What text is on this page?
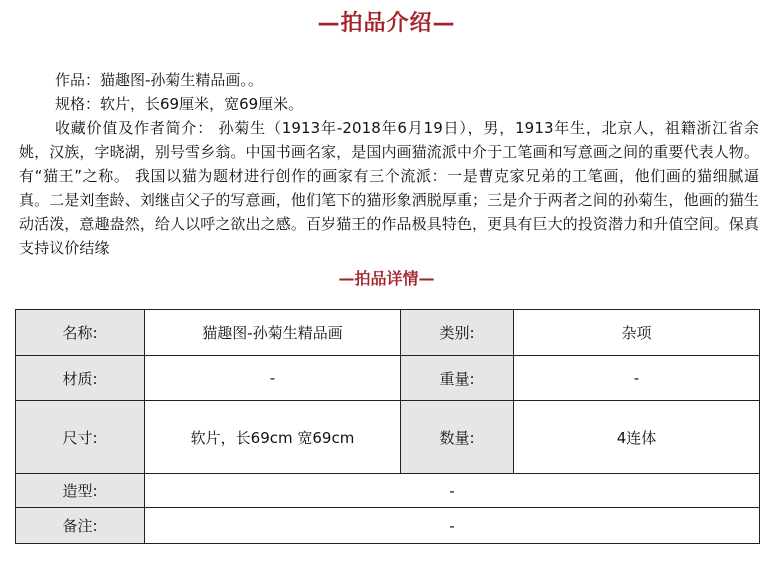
—拍品介绍—
作品：猫趣图-孙菊生精品画。。
规格：软片，长69厘米，宽69厘米。
收藏价值及作者简介： 孙菊生（1913年-2018年6月19日），男，1913年生，北京人，祖籍浙江省余姚，汉族，字晓湖，别号雪乡翁。中国书画名家，是国内画猫流派中介于工笔画和写意画之间的重要代表人物。有“猫王”之称。 我国以猫为题材进行创作的画家有三个流派：一是曹克家兄弟的工笔画，他们画的猫细腻逼真。二是刘奎龄、刘继卣父子的写意画，他们笔下的猫形象洒脱厚重；三是介于两者之间的孙菊生，他画的猫生动活泼，意趣盎然，给人以呼之欲出之感。百岁猫王的作品极具特色，更具有巨大的投资潜力和升值空间。保真支持议价结缘
—拍品详情—
名称:	猫趣图-孙菊生精品画	类别:	杂项
材质:	-	重量:	-
尺寸:	软片，长69cm 宽69cm	数量:	4连体
造型:	-		
备注:	-		
